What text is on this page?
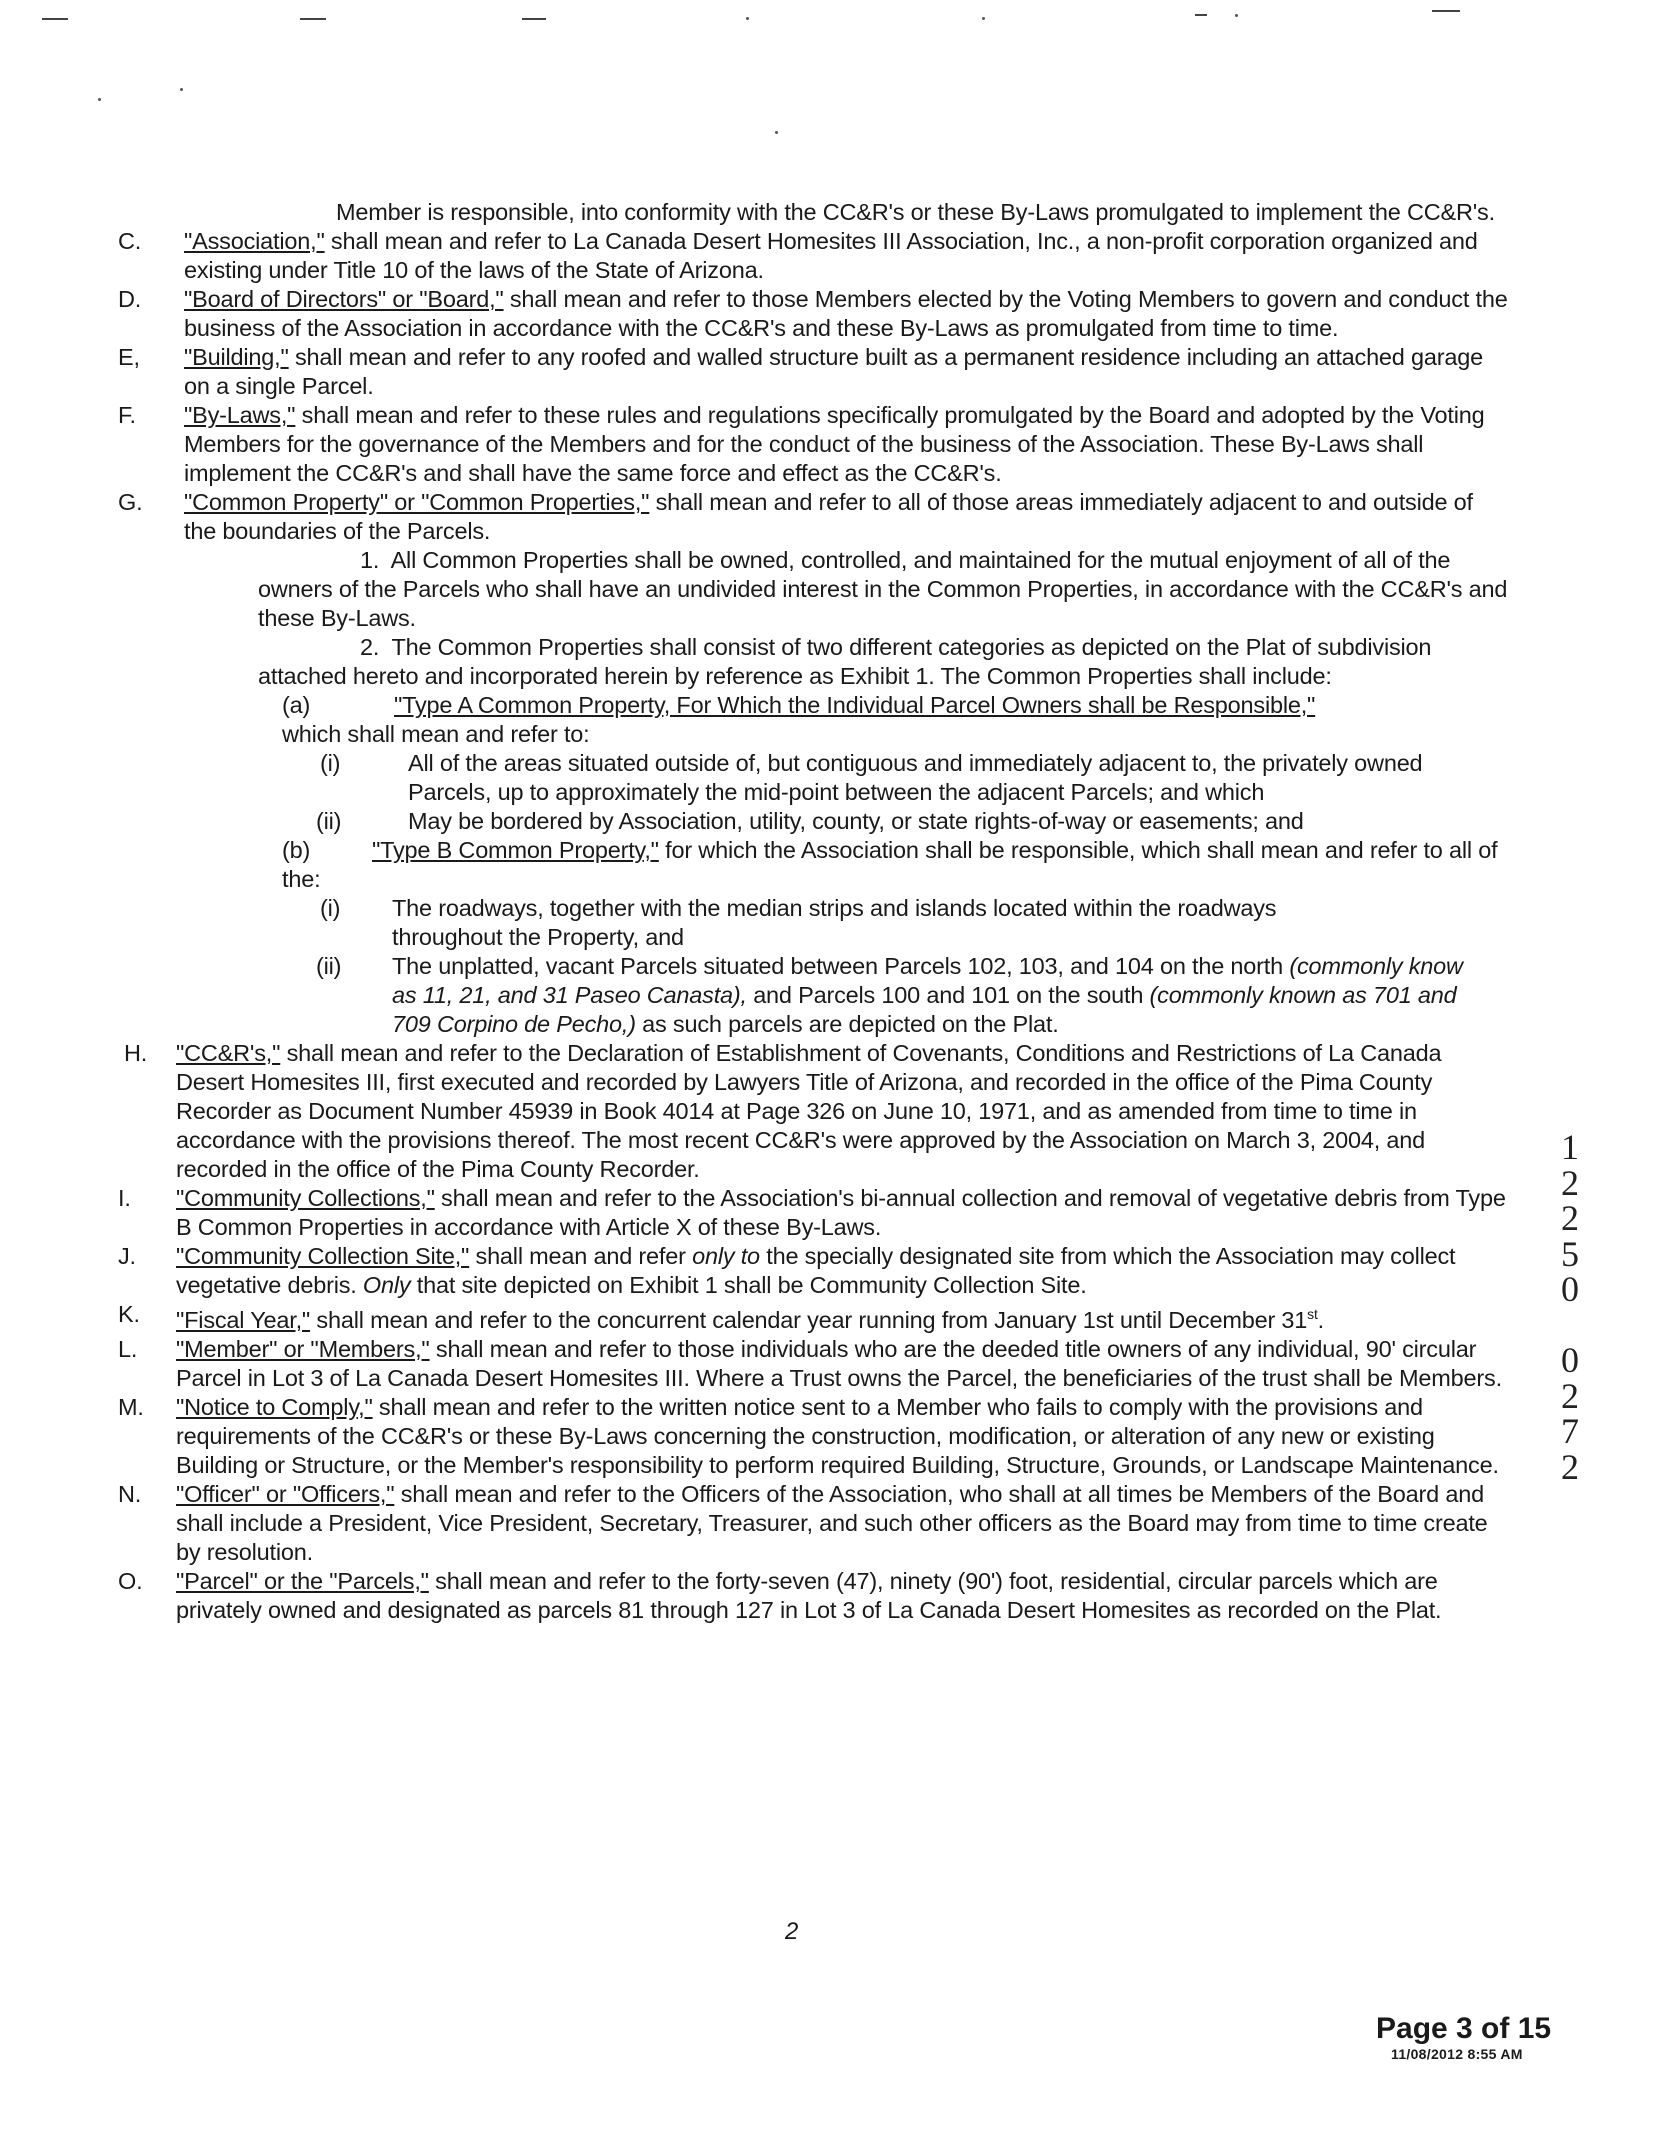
Member is responsible, into conformity with the CC&R's or these By-Laws promulgated to implement the CC&R's.
C.	"Association," shall mean and refer to La Canada Desert Homesites III Association, Inc., a non-profit corporation organized and existing under Title 10 of the laws of the State of Arizona.
D.	"Board of Directors" or "Board," shall mean and refer to those Members elected by the Voting Members to govern and conduct the business of the Association in accordance with the CC&R's and these By-Laws as promulgated from time to time.
E,	"Building," shall mean and refer to any roofed and walled structure built as a permanent residence including an attached garage on a single Parcel.
F.	"By-Laws," shall mean and refer to these rules and regulations specifically promulgated by the Board and adopted by the Voting Members for the governance of the Members and for the conduct of the business of the Association. These By-Laws shall implement the CC&R's and shall have the same force and effect as the CC&R's.
G.	"Common Property" or "Common Properties," shall mean and refer to all of those areas immediately adjacent to and outside of the boundaries of the Parcels.
1. All Common Properties shall be owned, controlled, and maintained for the mutual enjoyment of all of the owners of the Parcels who shall have an undivided interest in the Common Properties, in accordance with the CC&R's and these By-Laws.
2. The Common Properties shall consist of two different categories as depicted on the Plat of subdivision attached hereto and incorporated herein by reference as Exhibit 1. The Common Properties shall include:
(a)	"Type A Common Property, For Which the Individual Parcel Owners shall be Responsible,"
which shall mean and refer to:
(i)	All of the areas situated outside of, but contiguous and immediately adjacent to, the privately owned Parcels, up to approximately the mid-point between the adjacent Parcels; and which
(ii)	May be bordered by Association, utility, county, or state rights-of-way or easements; and
(b)	"Type B Common Property," for which the Association shall be responsible, which shall mean and refer to all of the:
(i)	The roadways, together with the median strips and islands located within the roadways throughout the Property, and
(ii)	The unplatted, vacant Parcels situated between Parcels 102, 103, and 104 on the north (commonly know as 11, 21, and 31 Paseo Canasta), and Parcels 100 and 101 on the south (commonly known as 701 and 709 Corpino de Pecho,) as such parcels are depicted on the Plat.
H.	"CC&R's," shall mean and refer to the Declaration of Establishment of Covenants, Conditions and Restrictions of La Canada Desert Homesites III, first executed and recorded by Lawyers Title of Arizona, and recorded in the office of the Pima County Recorder as Document Number 45939 in Book 4014 at Page 326 on June 10, 1971, and as amended from time to time in accordance with the provisions thereof. The most recent CC&R's were approved by the Association on March 3, 2004, and recorded in the office of the Pima County Recorder.
I.	"Community Collections," shall mean and refer to the Association's bi-annual collection and removal of vegetative debris from Type B Common Properties in accordance with Article X of these By-Laws.
J.	"Community Collection Site," shall mean and refer only to the specially designated site from which the Association may collect vegetative debris. Only that site depicted on Exhibit 1 shall be Community Collection Site.
K.	"Fiscal Year," shall mean and refer to the concurrent calendar year running from January 1st until December 31st.
L.	"Member" or "Members," shall mean and refer to those individuals who are the deeded title owners of any individual, 90' circular Parcel in Lot 3 of La Canada Desert Homesites III. Where a Trust owns the Parcel, the beneficiaries of the trust shall be Members.
M.	"Notice to Comply," shall mean and refer to the written notice sent to a Member who fails to comply with the provisions and requirements of the CC&R's or these By-Laws concerning the construction, modification, or alteration of any new or existing Building or Structure, or the Member's responsibility to perform required Building, Structure, Grounds, or Landscape Maintenance.
N.	"Officer" or "Officers," shall mean and refer to the Officers of the Association, who shall at all times be Members of the Board and shall include a President, Vice President, Secretary, Treasurer, and such other officers as the Board may from time to time create by resolution.
O.	"Parcel" or the "Parcels," shall mean and refer to the forty-seven (47), ninety (90') foot, residential, circular parcels which are privately owned and designated as parcels 81 through 127 in Lot 3 of La Canada Desert Homesites as recorded on the Plat.
2
1
2
2
5
0

0
2
7
2
Page 3 of 15
11/08/2012 8:55 AM
